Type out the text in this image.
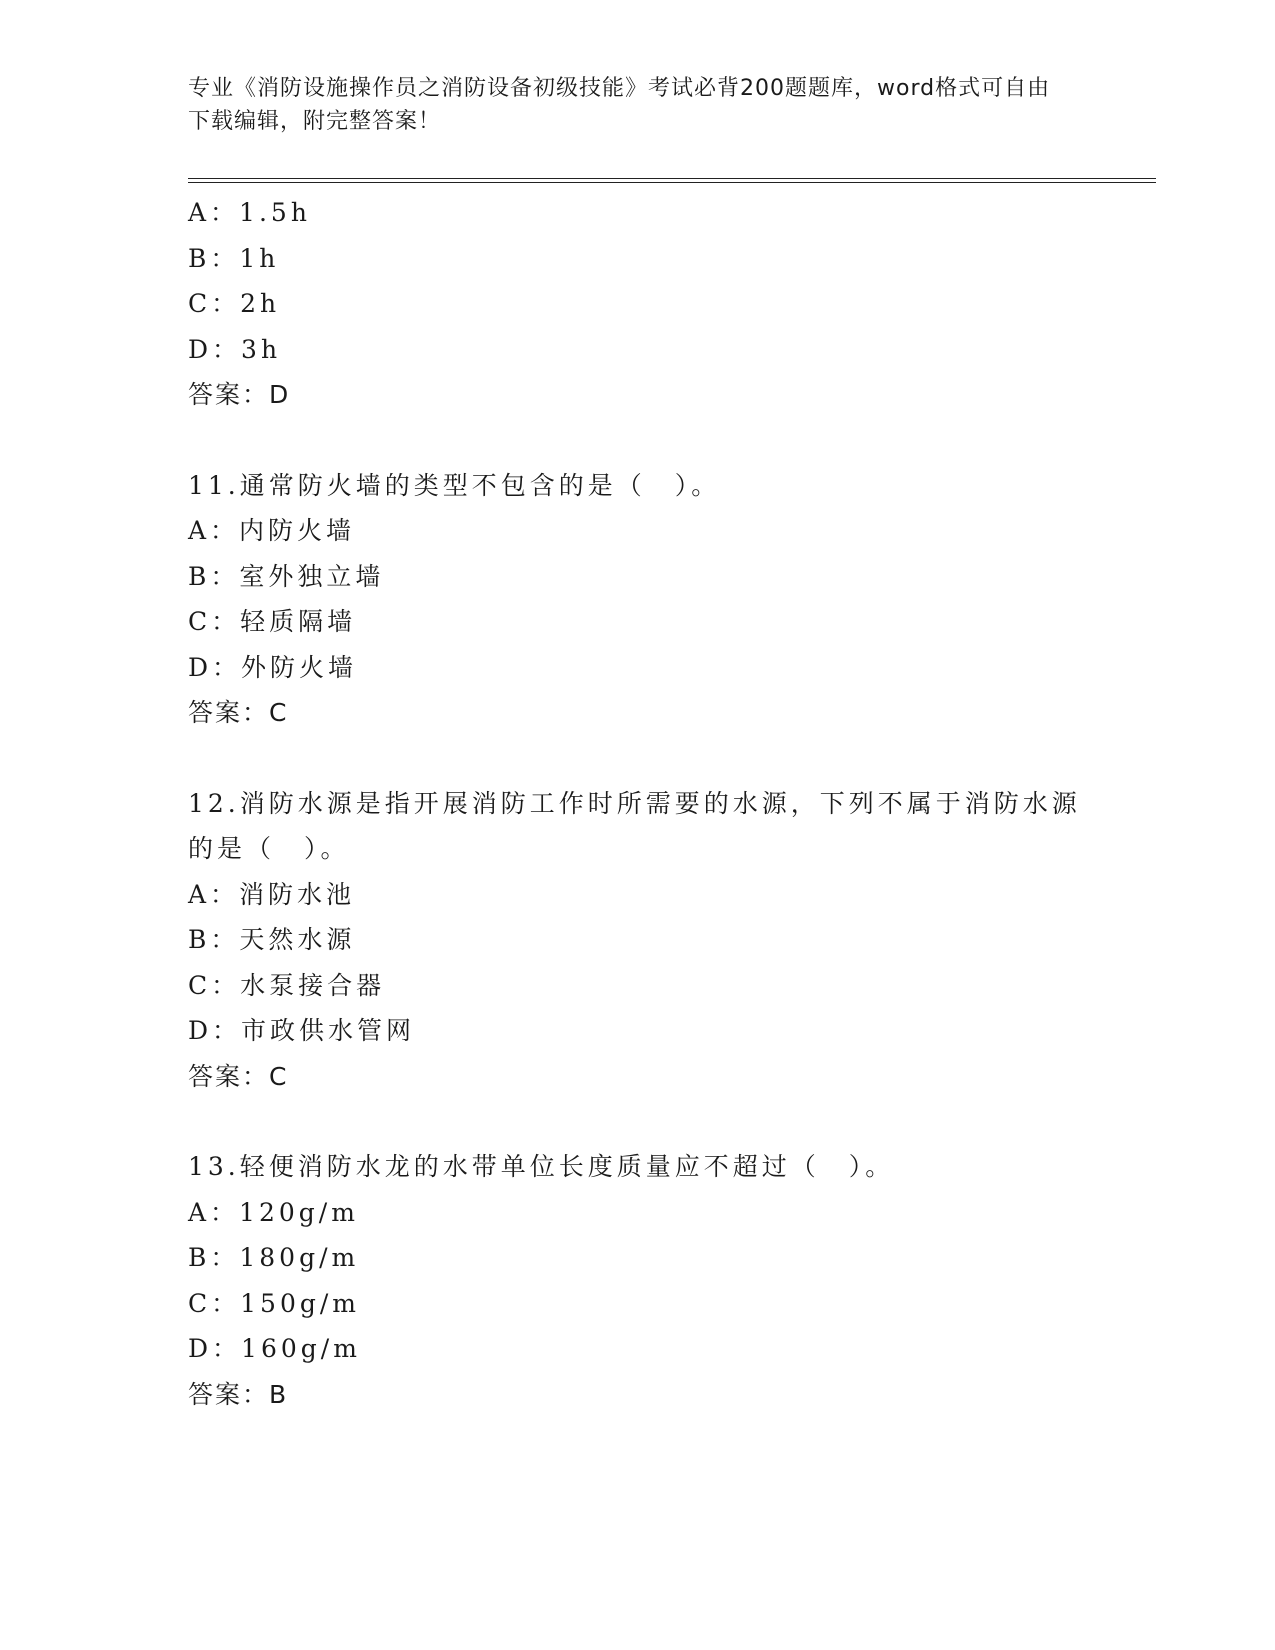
专业《消防设施操作员之消防设备初级技能》考试必背200题题库，word格式可自由下载编辑，附完整答案！
A：1.5h
B：1h
C：2h
D：3h
答案：D
11.通常防火墙的类型不包含的是（　）。
A：内防火墙
B：室外独立墙
C：轻质隔墙
D：外防火墙
答案：C
12.消防水源是指开展消防工作时所需要的水源，下列不属于消防水源的是（　）。
A：消防水池
B：天然水源
C：水泵接合器
D：市政供水管网
答案：C
13.轻便消防水龙的水带单位长度质量应不超过（　）。
A：120g/m
B：180g/m
C：150g/m
D：160g/m
答案：B
